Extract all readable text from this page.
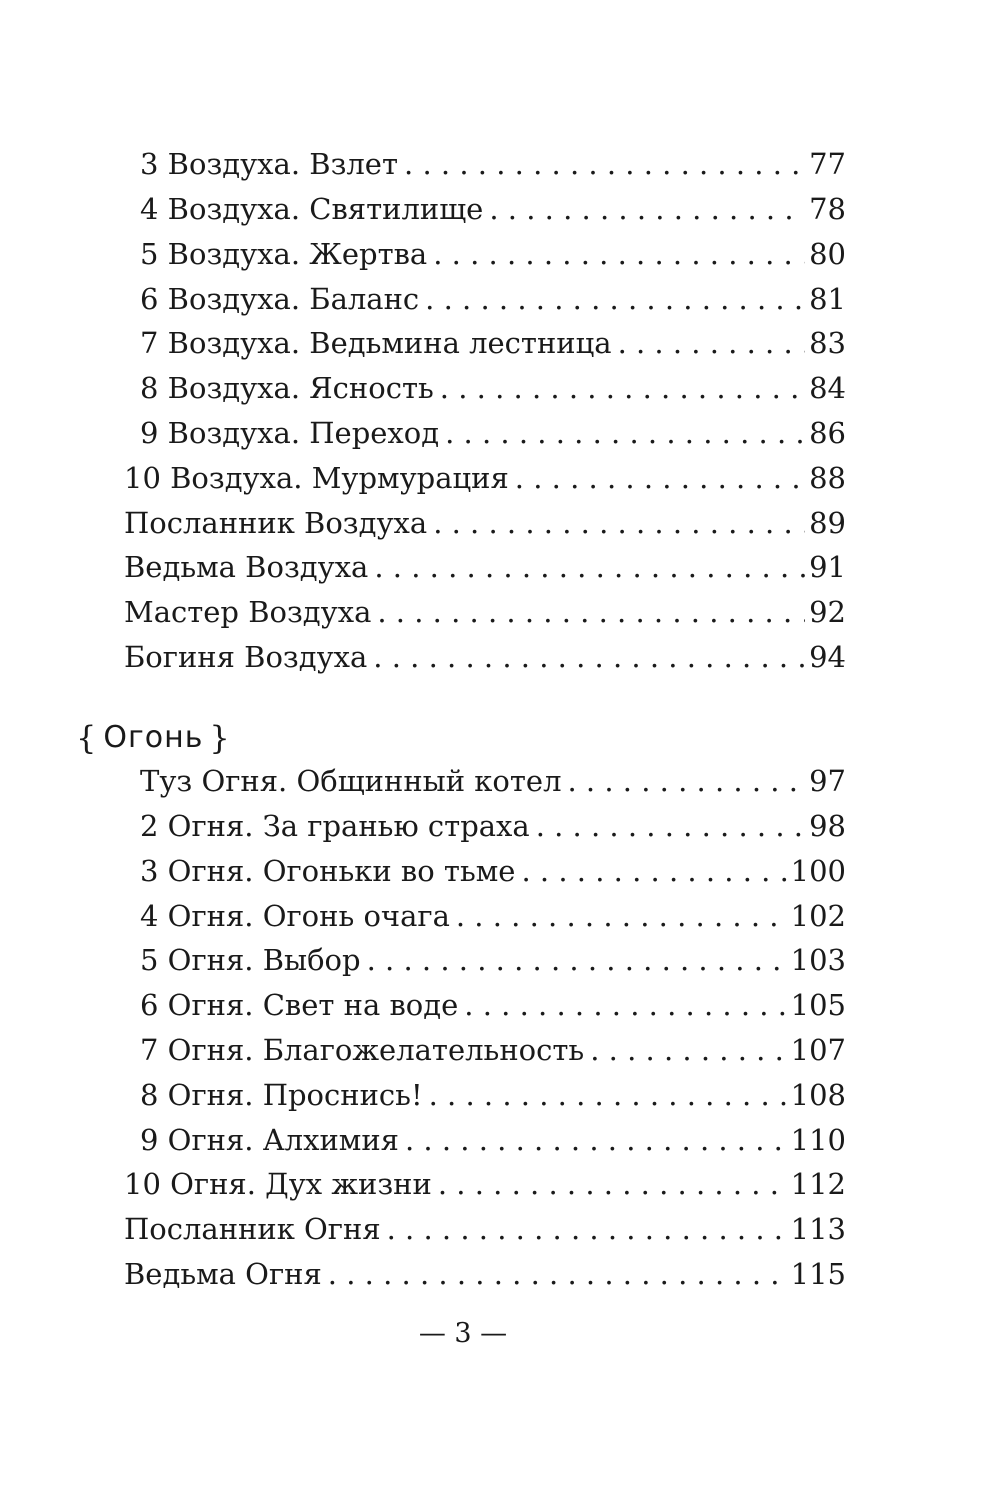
3 Воздуха. Взлет . . .	77
4 Воздуха. Святилище . . .	78
5 Воздуха. Жертва . . .	80
6 Воздуха. Баланс . . .	81
7 Воздуха. Ведьмина лестница . . .	83
8 Воздуха. Ясность . . .	84
9 Воздуха. Переход . . .	86
10 Воздуха. Мурмурация . . .	88
Посланник Воздуха . . .	89
Ведьма Воздуха . . .	91
Мастер Воздуха . . .	92
Богиня Воздуха . . .	94
{ Огонь }
Туз Огня. Общинный котел . . .	97
2 Огня. За гранью страха . . .	98
3 Огня. Огоньки во тьме . . .	100
4 Огня. Огонь очага . . .	102
5 Огня. Выбор . . .	103
6 Огня. Свет на воде . . .	105
7 Огня. Благожелательность . . .	107
8 Огня. Проснись! . . .	108
9 Огня. Алхимия . . .	110
10 Огня. Дух жизни . . .	112
Посланник Огня . . .	113
Ведьма Огня . . .	115
— 3 —
